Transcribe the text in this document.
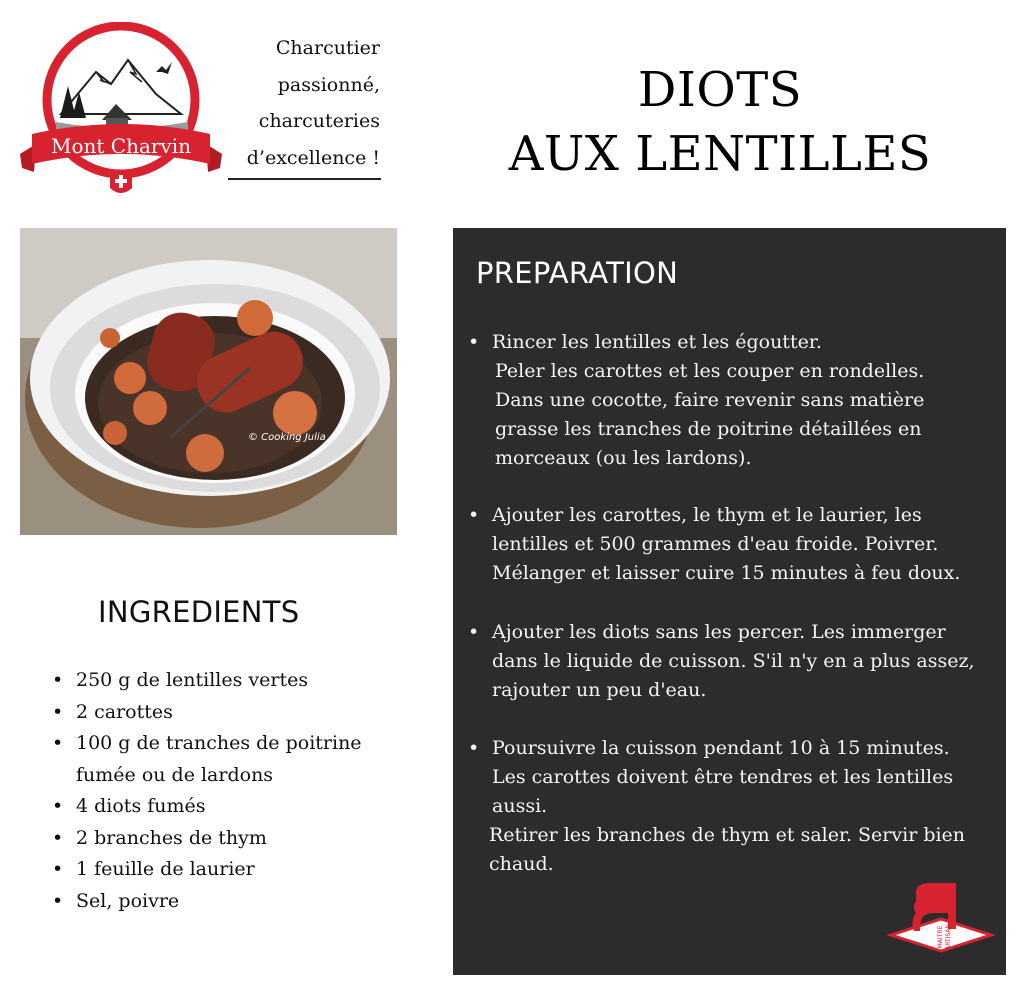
Mont Charvin
Charcutier
passionné,
charcuteries
d’excellence !
DIOTS
AUX LENTILLES
© Cooking Julia
INGREDIENTS
• 250 g de lentilles vertes
• 2 carottes
• 100 g de tranches de poitrine
fumée ou de lardons
• 4 diots fumés
• 2 branches de thym
• 1 feuille de laurier
• Sel, poivre
PREPARATION
• Rincer les lentilles et les égoutter.
Peler les carottes et les couper en rondelles.
Dans une cocotte, faire revenir sans matière
grasse les tranches de poitrine détaillées en
morceaux (ou les lardons).
• Ajouter les carottes, le thym et le laurier, les
lentilles et 500 grammes d'eau froide. Poivrer.
Mélanger et laisser cuire 15 minutes à feu doux.
• Ajouter les diots sans les percer. Les immerger
dans le liquide de cuisson. S'il n'y en a plus assez,
rajouter un peu d'eau.
• Poursuivre la cuisson pendant 10 à 15 minutes.
Les carottes doivent être tendres et les lentilles
aussi.
Retirer les branches de thym et saler. Servir bien
chaud.
MAITRE ARTISAN
